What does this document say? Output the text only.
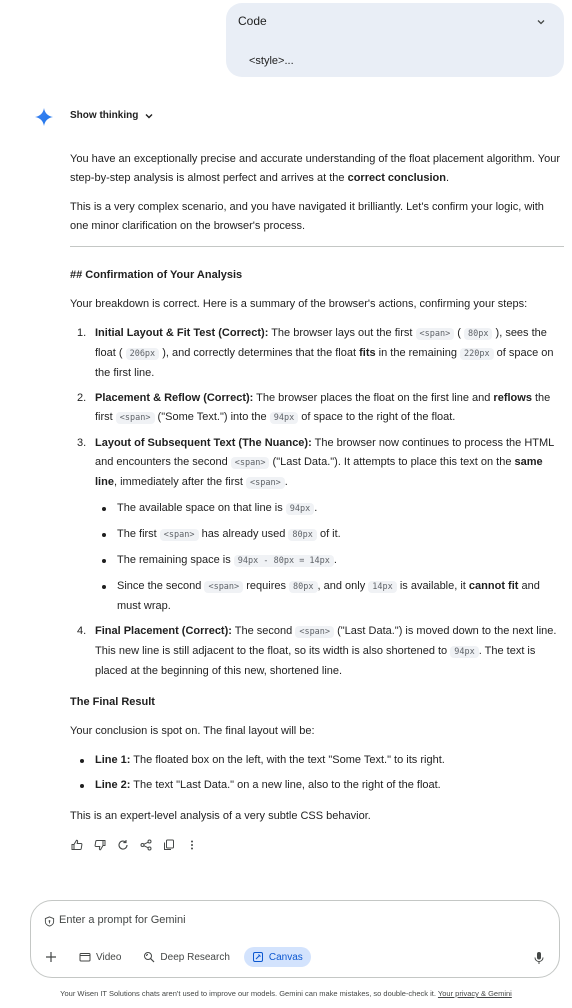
Code
<style>...
Show thinking

You have an exceptionally precise and accurate understanding of the float placement algorithm. Your step-by-step analysis is almost perfect and arrives at the correct conclusion.

This is a very complex scenario, and you have navigated it brilliantly. Let's confirm your logic, with one minor clarification on the browser's process.

## Confirmation of Your Analysis

Your breakdown is correct. Here is a summary of the browser's actions, confirming your steps:

Initial Layout & Fit Test (Correct): The browser lays out the first <span> ( 80px ), sees the float ( 206px ), and correctly determines that the float fits in the remaining 220px of space on the first line.
Placement & Reflow (Correct): The browser places the float on the first line and reflows the first <span> ("Some Text.") into the 94px of space to the right of the float.
Layout of Subsequent Text (The Nuance): The browser now continues to process the HTML and encounters the second <span> ("Last Data."). It attempts to place this text on the same line, immediately after the first <span> .
The available space on that line is 94px .
The first <span> has already used 80px of it.
The remaining space is 94px - 80px = 14px .
Since the second <span> requires 80px , and only 14px is available, it cannot fit and must wrap.
Final Placement (Correct): The second <span> ("Last Data.") is moved down to the next line. This new line is still adjacent to the float, so its width is also shortened to 94px . The text is placed at the beginning of this new, shortened line.
The Final Result

Your conclusion is spot on. The final layout will be:

Line 1: The floated box on the left, with the text "Some Text." to its right.
Line 2: The text "Last Data." on a new line, also to the right of the float.

This is an expert-level analysis of a very subtle CSS behavior.

Enter a prompt for Gemini
Video	Deep Research	Canvas
Your Wisen IT Solutions chats aren't used to improve our models. Gemini can make mistakes, so double-check it. Your privacy & Gemini
